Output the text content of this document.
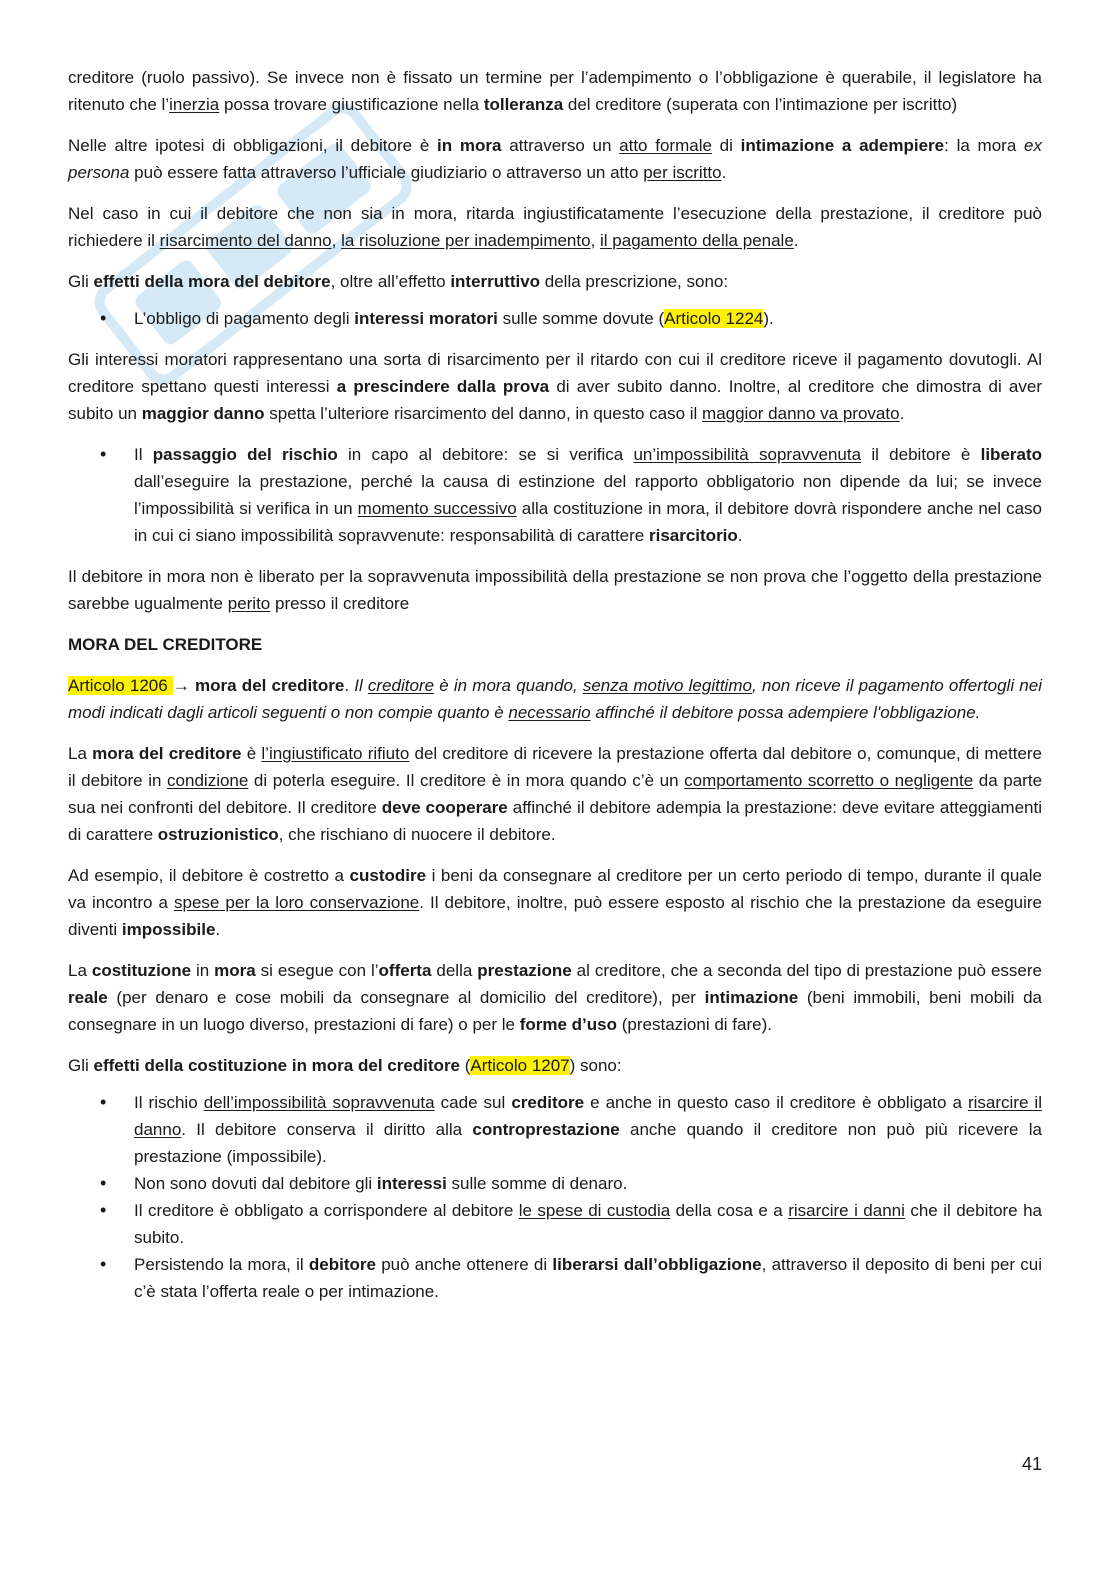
creditore (ruolo passivo). Se invece non è fissato un termine per l’adempimento o l’obbligazione è querabile, il legislatore ha ritenuto che l’inerzia possa trovare giustificazione nella tolleranza del creditore (superata con l’intimazione per iscritto)

Nelle altre ipotesi di obbligazioni, il debitore è in mora attraverso un atto formale di intimazione a adempiere: la mora ex persona può essere fatta attraverso l’ufficiale giudiziario o attraverso un atto per iscritto.

Nel caso in cui il debitore che non sia in mora, ritarda ingiustificatamente l’esecuzione della prestazione, il creditore può richiedere il risarcimento del danno, la risoluzione per inadempimento, il pagamento della penale.

Gli effetti della mora del debitore, oltre all’effetto interruttivo della prescrizione, sono:

• L’obbligo di pagamento degli interessi moratori sulle somme dovute (Articolo 1224).

Gli interessi moratori rappresentano una sorta di risarcimento per il ritardo con cui il creditore riceve il pagamento dovutogli. Al creditore spettano questi interessi a prescindere dalla prova di aver subito danno. Inoltre, al creditore che dimostra di aver subito un maggior danno spetta l’ulteriore risarcimento del danno, in questo caso il maggior danno va provato.

• Il passaggio del rischio in capo al debitore: se si verifica un’impossibilità sopravvenuta il debitore è liberato dall’eseguire la prestazione, perché la causa di estinzione del rapporto obbligatorio non dipende da lui; se invece l’impossibilità si verifica in un momento successivo alla costituzione in mora, il debitore dovrà rispondere anche nel caso in cui ci siano impossibilità sopravvenute: responsabilità di carattere risarcitorio.

Il debitore in mora non è liberato per la sopravvenuta impossibilità della prestazione se non prova che l’oggetto della prestazione sarebbe ugualmente perito presso il creditore

MORA DEL CREDITORE

Articolo 1206 → mora del creditore. Il creditore è in mora quando, senza motivo legittimo, non riceve il pagamento offertogli nei modi indicati dagli articoli seguenti o non compie quanto è necessario affinché il debitore possa adempiere l'obbligazione.

La mora del creditore è l’ingiustificato rifiuto del creditore di ricevere la prestazione offerta dal debitore o, comunque, di mettere il debitore in condizione di poterla eseguire. Il creditore è in mora quando c’è un comportamento scorretto o negligente da parte sua nei confronti del debitore. Il creditore deve cooperare affinché il debitore adempia la prestazione: deve evitare atteggiamenti di carattere ostruzionistico, che rischiano di nuocere il debitore.

Ad esempio, il debitore è costretto a custodire i beni da consegnare al creditore per un certo periodo di tempo, durante il quale va incontro a spese per la loro conservazione. Il debitore, inoltre, può essere esposto al rischio che la prestazione da eseguire diventi impossibile.

La costituzione in mora si esegue con l’offerta della prestazione al creditore, che a seconda del tipo di prestazione può essere reale (per denaro e cose mobili da consegnare al domicilio del creditore), per intimazione (beni immobili, beni mobili da consegnare in un luogo diverso, prestazioni di fare) o per le forme d’uso (prestazioni di fare).

Gli effetti della costituzione in mora del creditore (Articolo 1207) sono:

• Il rischio dell’impossibilità sopravvenuta cade sul creditore e anche in questo caso il creditore è obbligato a risarcire il danno. Il debitore conserva il diritto alla controprestazione anche quando il creditore non può più ricevere la prestazione (impossibile).
• Non sono dovuti dal debitore gli interessi sulle somme di denaro.
• Il creditore è obbligato a corrispondere al debitore le spese di custodia della cosa e a risarcire i danni che il debitore ha subito.
• Persistendo la mora, il debitore può anche ottenere di liberarsi dall’obbligazione, attraverso il deposito di beni per cui c’è stata l’offerta reale o per intimazione.
41
